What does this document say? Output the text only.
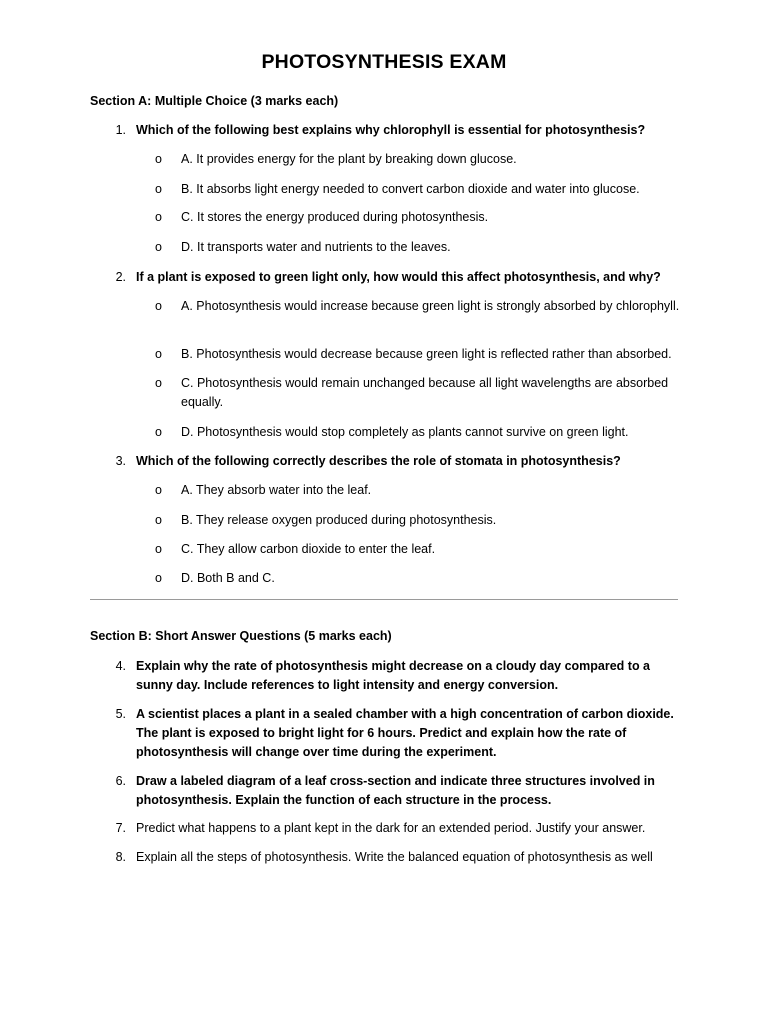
PHOTOSYNTHESIS EXAM
Section A: Multiple Choice (3 marks each)
1. Which of the following best explains why chlorophyll is essential for photosynthesis?
o	A. It provides energy for the plant by breaking down glucose.
o	B. It absorbs light energy needed to convert carbon dioxide and water into glucose.
o	C. It stores the energy produced during photosynthesis.
o	D. It transports water and nutrients to the leaves.
2. If a plant is exposed to green light only, how would this affect photosynthesis, and why?
o	A. Photosynthesis would increase because green light is strongly absorbed by chlorophyll.
o	B. Photosynthesis would decrease because green light is reflected rather than absorbed.
o	C. Photosynthesis would remain unchanged because all light wavelengths are absorbed equally.
o	D. Photosynthesis would stop completely as plants cannot survive on green light.
3. Which of the following correctly describes the role of stomata in photosynthesis?
o	A. They absorb water into the leaf.
o	B. They release oxygen produced during photosynthesis.
o	C. They allow carbon dioxide to enter the leaf.
o	D. Both B and C.
Section B: Short Answer Questions (5 marks each)
4. Explain why the rate of photosynthesis might decrease on a cloudy day compared to a sunny day. Include references to light intensity and energy conversion.
5. A scientist places a plant in a sealed chamber with a high concentration of carbon dioxide. The plant is exposed to bright light for 6 hours. Predict and explain how the rate of photosynthesis will change over time during the experiment.
6. Draw a labeled diagram of a leaf cross-section and indicate three structures involved in photosynthesis. Explain the function of each structure in the process.
7. Predict what happens to a plant kept in the dark for an extended period. Justify your answer.
8. Explain all the steps of photosynthesis. Write the balanced equation of photosynthesis as well
